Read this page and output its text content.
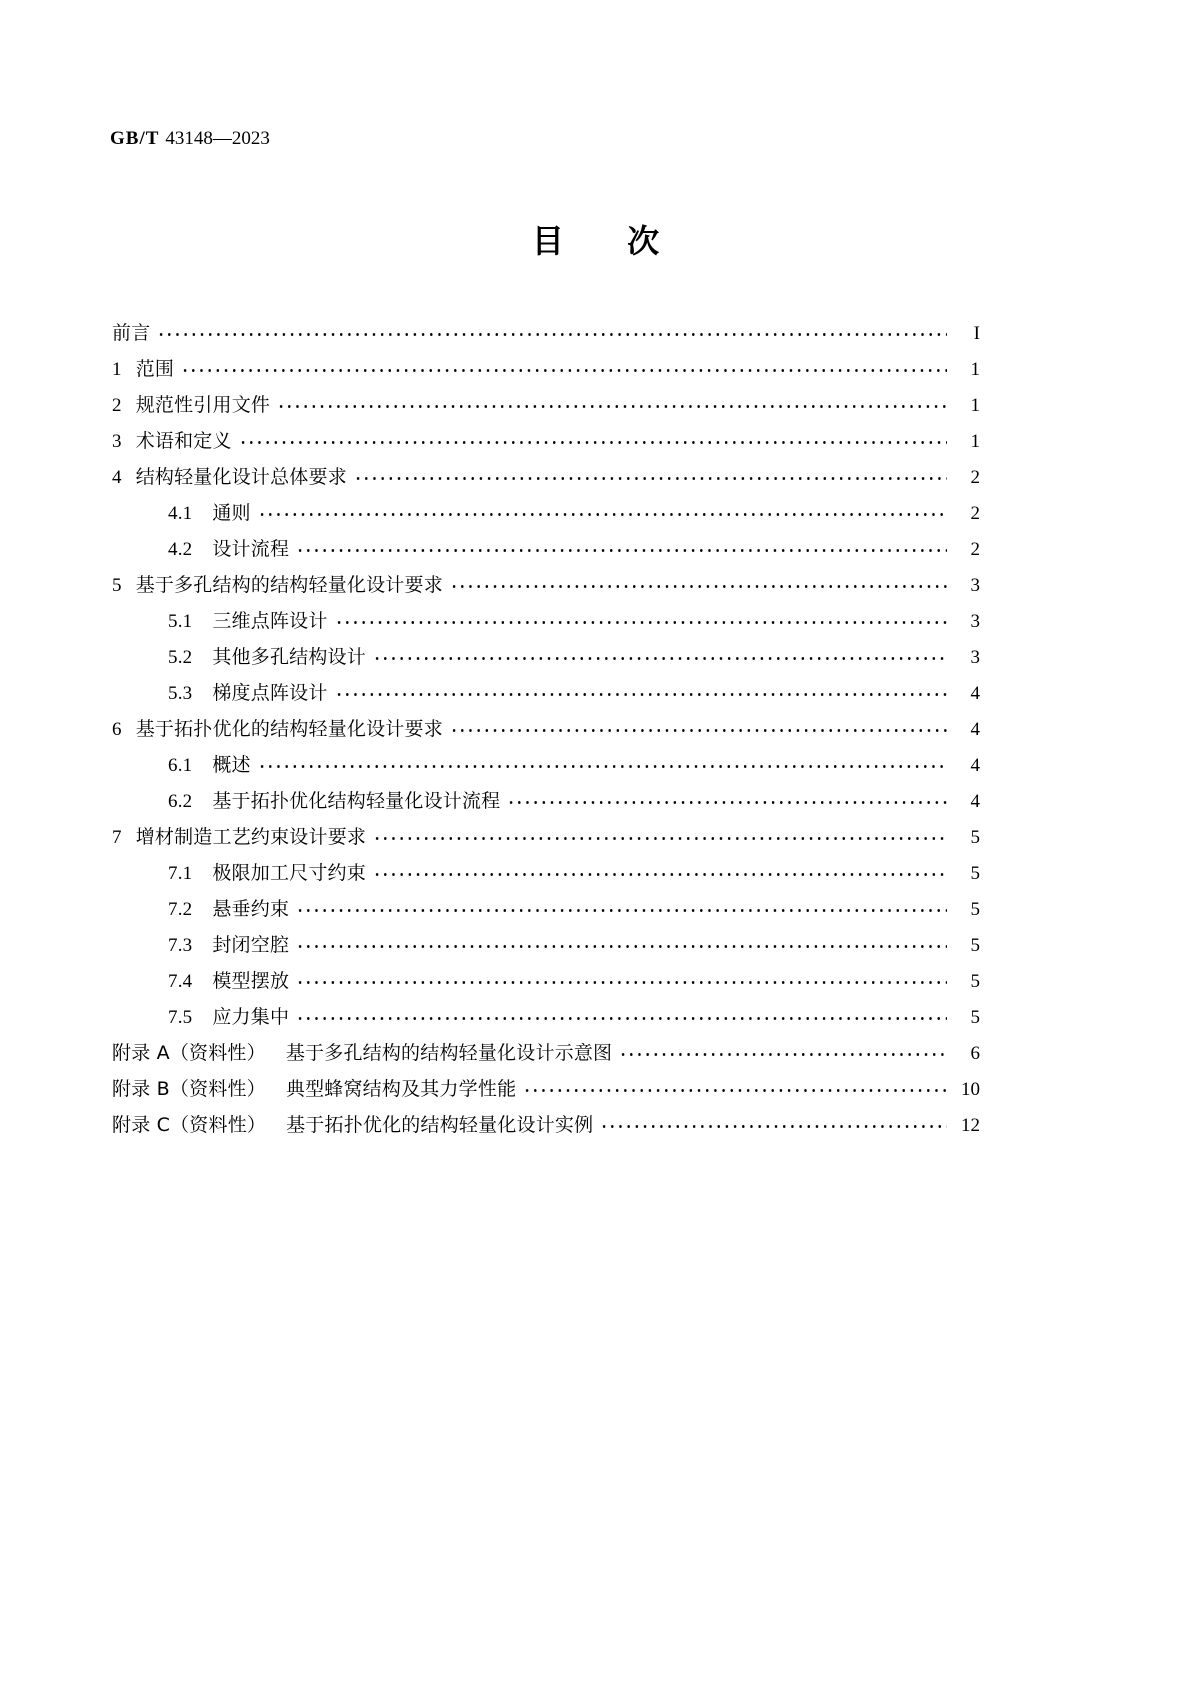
GB/T 43148—2023
目 次
前言	I
1 范围	1
2 规范性引用文件	1
3 术语和定义	1
4 结构轻量化设计总体要求	2
4.1 通则	2
4.2 设计流程	2
5 基于多孔结构的结构轻量化设计要求	3
5.1 三维点阵设计	3
5.2 其他多孔结构设计	3
5.3 梯度点阵设计	4
6 基于拓扑优化的结构轻量化设计要求	4
6.1 概述	4
6.2 基于拓扑优化结构轻量化设计流程	4
7 增材制造工艺约束设计要求	5
7.1 极限加工尺寸约束	5
7.2 悬垂约束	5
7.3 封闭空腔	5
7.4 模型摆放	5
7.5 应力集中	5
附录 A（资料性） 基于多孔结构的结构轻量化设计示意图	6
附录 B（资料性） 典型蜂窝结构及其力学性能	10
附录 C（资料性） 基于拓扑优化的结构轻量化设计实例	12
